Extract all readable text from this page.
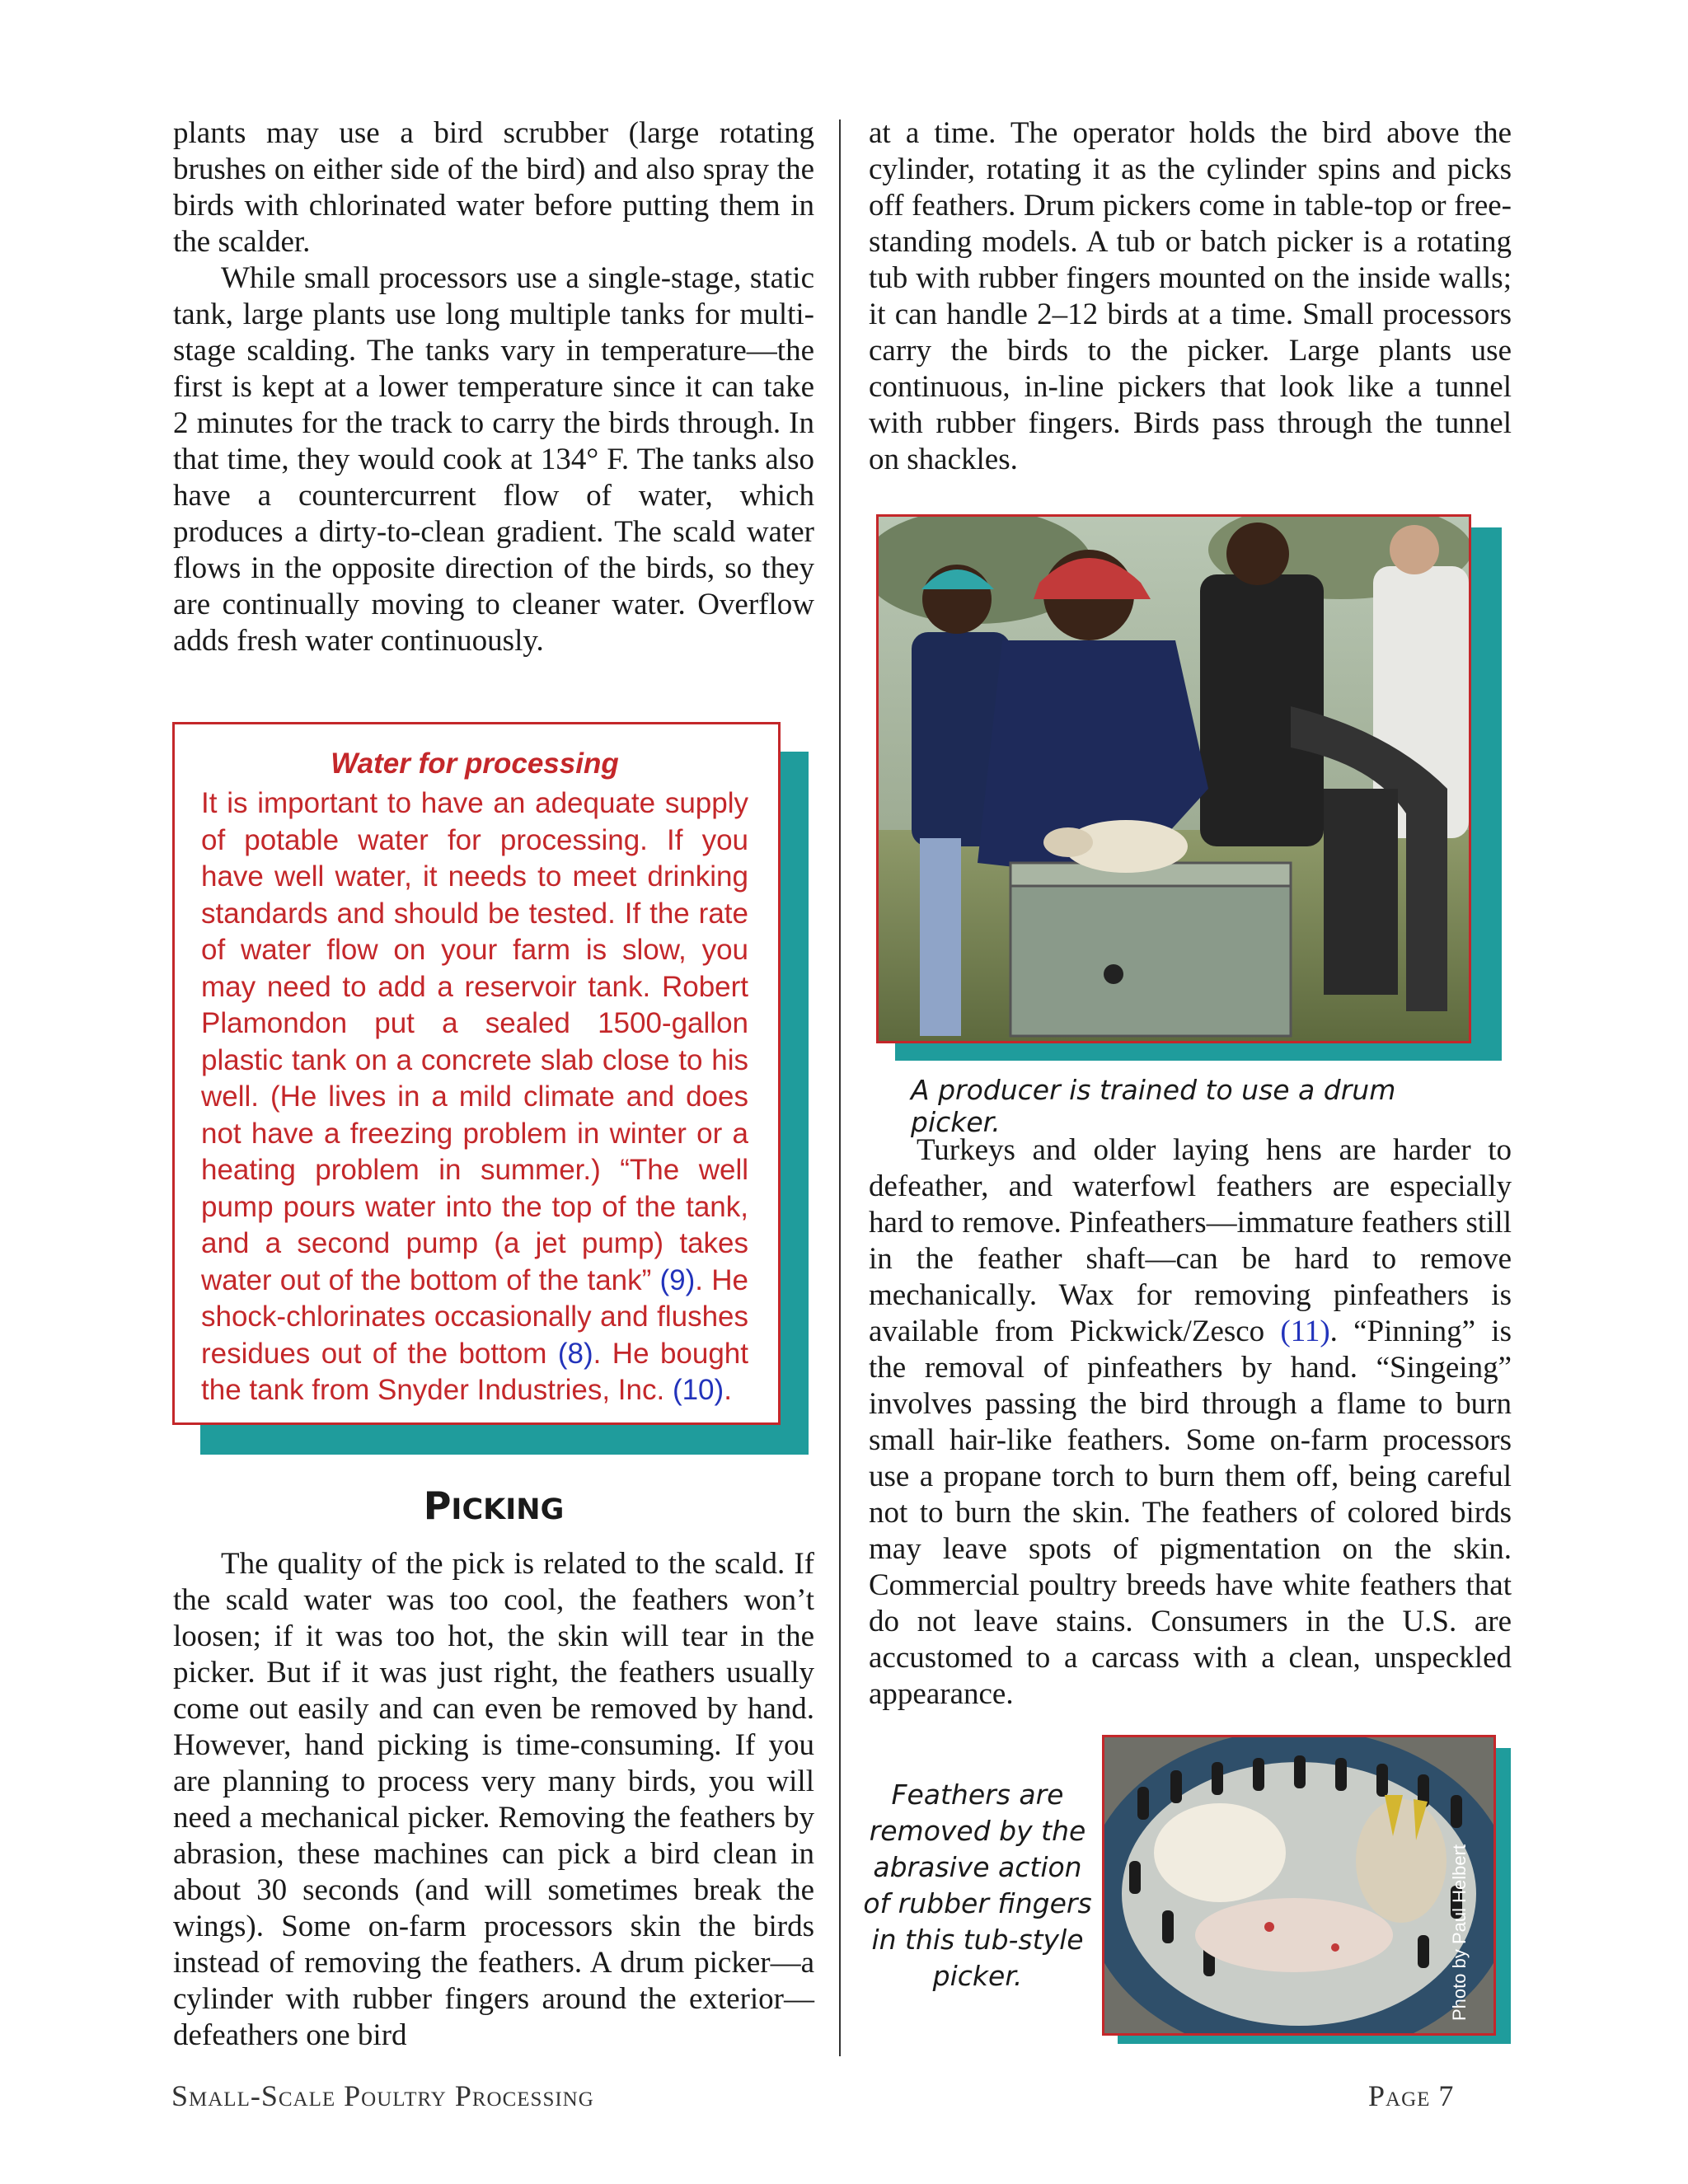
plants may use a bird scrubber (large rotating brushes on either side of the bird) and also spray the birds with chlorinated water before putting them in the scalder.

While small processors use a single-stage, static tank, large plants use long multiple tanks for multi-stage scalding. The tanks vary in temperature—the first is kept at a lower temperature since it can take 2 minutes for the track to carry the birds through. In that time, they would cook at 134° F. The tanks also have a countercurrent flow of water, which produces a dirty-to-clean gradient. The scald water flows in the opposite direction of the birds, so they are continually moving to cleaner water. Overflow adds fresh water continuously.

Water for processing

It is important to have an adequate supply of potable water for processing. If you have well water, it needs to meet drinking standards and should be tested. If the rate of water flow on your farm is slow, you may need to add a reservoir tank. Robert Plamondon put a sealed 1500-gallon plastic tank on a concrete slab close to his well. (He lives in a mild climate and does not have a freezing problem in winter or a heating problem in summer.) “The well pump pours water into the top of the tank, and a second pump (a jet pump) takes water out of the bottom of the tank” (9). He shock-chlorinates occasionally and flushes residues out of the bottom (8). He bought the tank from Snyder Industries, Inc. (10).

PICKING

The quality of the pick is related to the scald. If the scald water was too cool, the feathers won’t loosen; if it was too hot, the skin will tear in the picker. But if it was just right, the feathers usually come out easily and can even be removed by hand. However, hand picking is time-consuming. If you are planning to process very many birds, you will need a mechanical picker. Removing the feathers by abrasion, these machines can pick a bird clean in about 30 seconds (and will sometimes break the wings). Some on-farm processors skin the birds instead of removing the feathers. A drum picker—a cylinder with rubber fingers around the exterior—defeathers one bird

at a time. The operator holds the bird above the cylinder, rotating it as the cylinder spins and picks off feathers. Drum pickers come in table-top or free-standing models. A tub or batch picker is a rotating tub with rubber fingers mounted on the inside walls; it can handle 2–12 birds at a time. Small processors carry the birds to the picker. Large plants use continuous, in-line pickers that look like a tunnel with rubber fingers. Birds pass through the tunnel on shackles.

A producer is trained to use a drum picker.

Turkeys and older laying hens are harder to defeather, and waterfowl feathers are especially hard to remove. Pinfeathers—immature feathers still in the feather shaft—can be hard to remove mechanically. Wax for removing pinfeathers is available from Pickwick/Zesco (11). “Pinning” is the removal of pinfeathers by hand. “Singeing” involves passing the bird through a flame to burn small hair-like feathers. Some on-farm processors use a propane torch to burn them off, being careful not to burn the skin. The feathers of colored birds may leave spots of pigmentation on the skin. Commercial poultry breeds have white feathers that do not leave stains. Consumers in the U.S. are accustomed to a carcass with a clean, unspeckled appearance.

Feathers are removed by the abrasive action of rubber fingers in this tub-style picker.	Photo by Paul Helbert
Small-Scale Poultry Processing	Page 7
